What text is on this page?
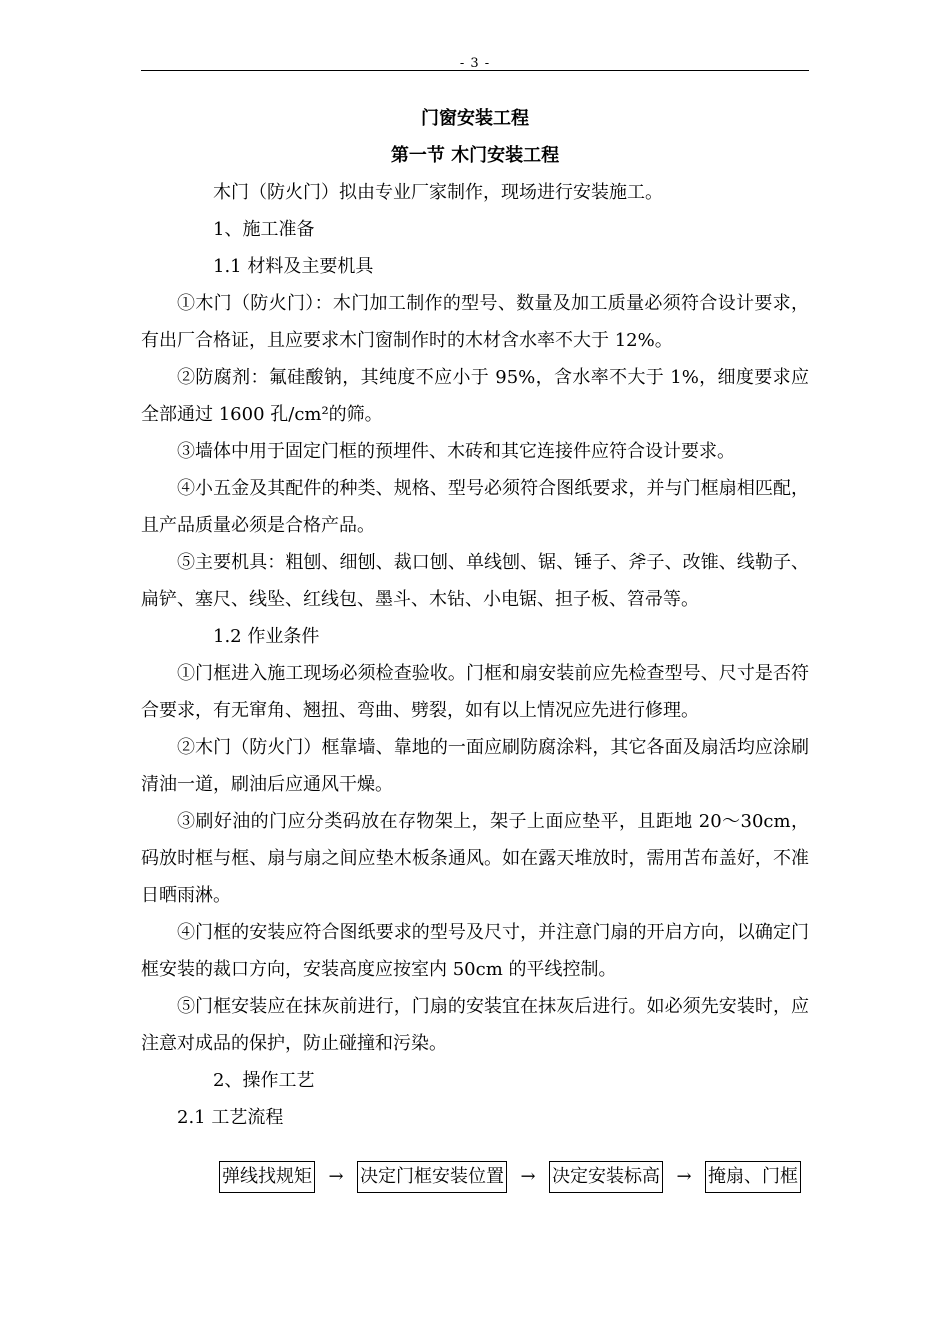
- 3 -

门窗安装工程

第一节 木门安装工程

木门（防火门）拟由专业厂家制作，现场进行安装施工。

1、施工准备

1.1 材料及主要机具

①木门（防火门）：木门加工制作的型号、数量及加工质量必须符合设计要求，有出厂合格证，且应要求木门窗制作时的木材含水率不大于 12%。

②防腐剂：氟硅酸钠，其纯度不应小于 95%，含水率不大于 1%，细度要求应全部通过 1600 孔/cm²的筛。

③墙体中用于固定门框的预埋件、木砖和其它连接件应符合设计要求。

④小五金及其配件的种类、规格、型号必须符合图纸要求，并与门框扇相匹配，且产品质量必须是合格产品。

⑤主要机具：粗刨、细刨、裁口刨、单线刨、锯、锤子、斧子、改锥、线勒子、扁铲、塞尺、线坠、红线包、墨斗、木钻、小电锯、担子板、笤帚等。

1.2 作业条件

①门框进入施工现场必须检查验收。门框和扇安装前应先检查型号、尺寸是否符合要求，有无窜角、翘扭、弯曲、劈裂，如有以上情况应先进行修理。

②木门（防火门）框靠墙、靠地的一面应刷防腐涂料，其它各面及扇活均应涂刷清油一道，刷油后应通风干燥。

③刷好油的门应分类码放在存物架上，架子上面应垫平，且距地 20～30cm，码放时框与框、扇与扇之间应垫木板条通风。如在露天堆放时，需用苫布盖好，不准日晒雨淋。

④门框的安装应符合图纸要求的型号及尺寸，并注意门扇的开启方向，以确定门框安装的裁口方向，安装高度应按室内 50cm 的平线控制。

⑤门框安装应在抹灰前进行，门扇的安装宜在抹灰后进行。如必须先安装时，应注意对成品的保护，防止碰撞和污染。

2、操作工艺

2.1 工艺流程

弹线找规矩 → 决定门框安装位置 → 决定安装标高 → 掩扇、门框
